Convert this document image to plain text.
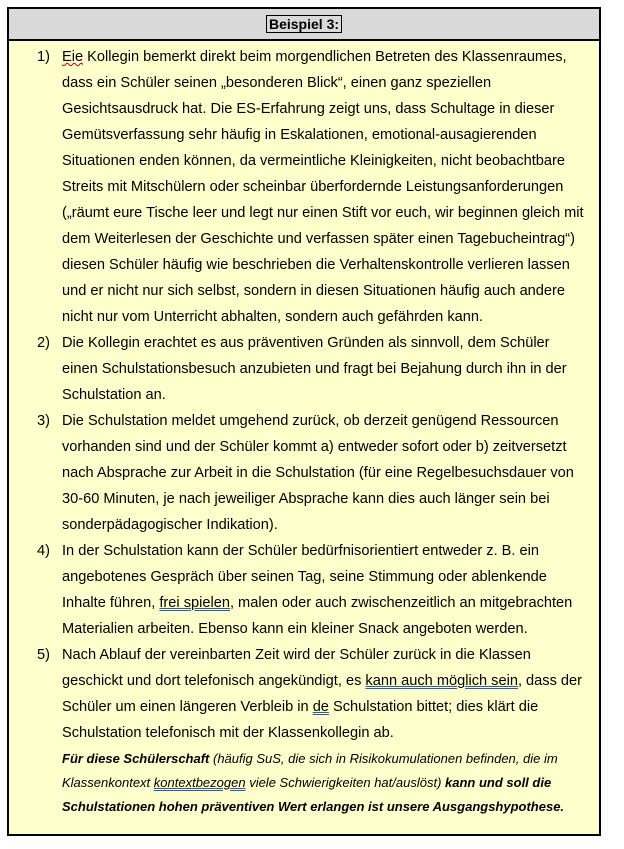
Beispiel 3:
1) Eie Kollegin bemerkt direkt beim morgendlichen Betreten des Klassenraumes, dass ein Schüler seinen „besonderen Blick“, einen ganz speziellen Gesichtsausdruck hat. Die ES-Erfahrung zeigt uns, dass Schultage in dieser Gemütsverfassung sehr häufig in Eskalationen, emotional-ausagierenden Situationen enden können, da vermeintliche Kleinigkeiten, nicht beobachtbare Streits mit Mitschülern oder scheinbar überfordernde Leistungsanforderungen („räumt eure Tische leer und legt nur einen Stift vor euch, wir beginnen gleich mit dem Weiterlesen der Geschichte und verfassen später einen Tagebucheintrag“) diesen Schüler häufig wie beschrieben die Verhaltenskontrolle verlieren lassen und er nicht nur sich selbst, sondern in diesen Situationen häufig auch andere nicht nur vom Unterricht abhalten, sondern auch gefährden kann.
2) Die Kollegin erachtet es aus präventiven Gründen als sinnvoll, dem Schüler einen Schulstationsbesuch anzubieten und fragt bei Bejahung durch ihn in der Schulstation an.
3) Die Schulstation meldet umgehend zurück, ob derzeit genügend Ressourcen vorhanden sind und der Schüler kommt a) entweder sofort oder b) zeitversetzt nach Absprache zur Arbeit in die Schulstation (für eine Regelbesuchsdauer von 30-60 Minuten, je nach jeweiliger Absprache kann dies auch länger sein bei sonderpädagogischer Indikation).
4) In der Schulstation kann der Schüler bedürfnisorientiert entweder z. B. ein angebotenes Gespräch über seinen Tag, seine Stimmung oder ablenkende Inhalte führen, frei spielen, malen oder auch zwischenzeitlich an mitgebrachten Materialien arbeiten. Ebenso kann ein kleiner Snack angeboten werden.
5) Nach Ablauf der vereinbarten Zeit wird der Schüler zurück in die Klassen geschickt und dort telefonisch angekündigt, es kann auch möglich sein, dass der Schüler um einen längeren Verbleib in de Schulstation bittet; dies klärt die Schulstation telefonisch mit der Klassenkollegin ab.
Für diese Schülerschaft (häufig SuS, die sich in Risikokumulationen befinden, die im Klassenkontext kontextbezogen viele Schwierigkeiten hat/auslöst) kann und soll die Schulstationen hohen präventiven Wert erlangen ist unsere Ausgangshypothese.
